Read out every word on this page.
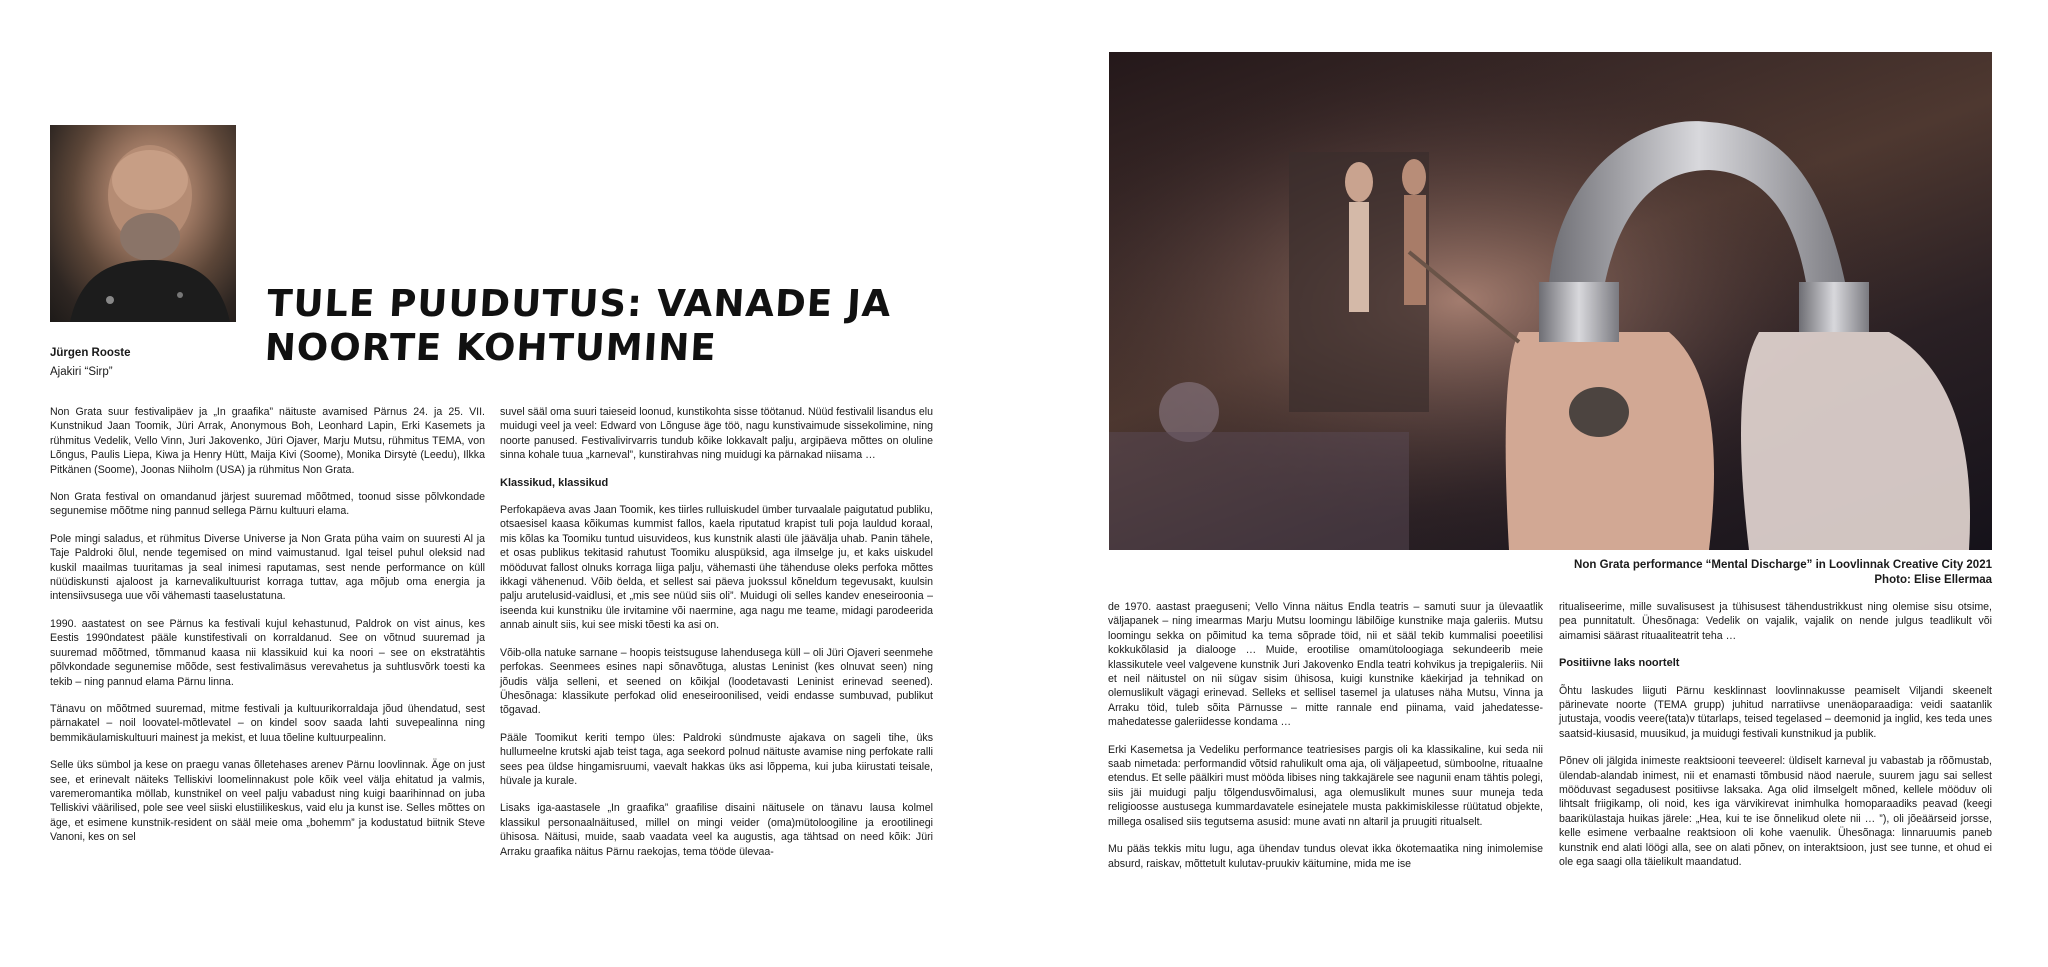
Jürgen Rooste
Ajakiri “Sirp”
TULE PUUDUTUS: VANADE JA NOORTE KOHTUMINE

Non Grata suur festivalipäev ja „In graafika” näituste avamised Pärnus 24. ja 25. VII. Kunstnikud Jaan Toomik, Jüri Arrak, Anonymous Boh, Leonhard Lapin, Erki Kasemets ja rühmitus Vedelik, Vello Vinn, Juri Jakovenko, Jüri Ojaver, Marju Mutsu, rühmitus TEMA, von Lõngus, Paulis Liepa, Kiwa ja Henry Hütt, Maija Kivi (Soome), Monika Dirsytė (Leedu), Ilkka Pitkänen (Soome), Joonas Niiholm (USA) ja rühmitus Non Grata.

Non Grata festival on omandanud järjest suuremad mõõtmed, toonud sisse põlvkondade segunemise mõõtme ning pannud sellega Pärnu kultuuri elama.

Pole mingi saladus, et rühmitus Diverse Universe ja Non Grata püha vaim on suuresti Al ja Taje Paldroki õlul, nende tegemised on mind vaimustanud. Igal teisel puhul oleksid nad kuskil maailmas tuuritamas ja seal inimesi raputamas, sest nende performance on küll nüüdiskunsti ajaloost ja karnevalikultuurist korraga tuttav, aga mõjub oma energia ja intensiivsusega uue või vähemasti taaselustatuna.

1990. aastatest on see Pärnus ka festivali kujul kehastunud, Paldrok on vist ainus, kes Eestis 1990ndatest pääle kunstifestivali on korraldanud. See on võtnud suuremad ja suuremad mõõtmed, tõmmanud kaasa nii klassikuid kui ka noori – see on ekstratähtis põlvkondade segunemise mõõde, sest festivalimäsus verevahetus ja suhtlusvõrk toesti ka tekib – ning pannud elama Pärnu linna.

Tänavu on mõõtmed suuremad, mitme festivali ja kultuurikorraldaja jõud ühendatud, sest pärnakatel – noil loovatel-mõtlevatel – on kindel soov saada lahti suvepealinna ning bemmikäulamiskultuuri mainest ja mekist, et luua tõeline kultuurpealinn.

Selle üks sümbol ja kese on praegu vanas õlletehases arenev Pärnu loovlinnak. Äge on just see, et erinevalt näiteks Telliskivi loomelinnakust pole kõik veel välja ehitatud ja valmis, varemeromantika möllab, kunstnikel on veel palju vabadust ning kuigi baarihinnad on juba Telliskivi väärilised, pole see veel siiski elustiilikeskus, vaid elu ja kunst ise. Selles mõttes on äge, et esimene kunstnik-resident on sääl meie oma „bohemm” ja kodustatud biitnik Steve Vanoni, kes on sel

suvel sääl oma suuri taieseid loonud, kunstikohta sisse töötanud. Nüüd festivalil lisandus elu muidugi veel ja veel: Edward von Lõnguse äge töö, nagu kunstivaimude sissekolimine, ning noorte panused. Festivalivirvarris tundub kõike lokkavalt palju, argipäeva mõttes on oluline sinna kohale tuua „karneval”, kunstirahvas ning muidugi ka pärnakad niisama …

Klassikud, klassikud

Perfokapäeva avas Jaan Toomik, kes tiirles rulluiskudel ümber turvaalale paigutatud publiku, otsaesisel kaasa kõikumas kummist fallos, kaela riputatud krapist tuli poja lauldud koraal, mis kõlas ka Toomiku tuntud uisuvideos, kus kunstnik alasti üle jäävälja uhab. Panin tähele, et osas publikus tekitasid rahutust Toomiku aluspüksid, aga ilmselge ju, et kaks uiskudel mööduvat fallost olnuks korraga liiga palju, vähemasti ühe tähenduse oleks perfoka mõttes ikkagi vähenenud. Võib öelda, et sellest sai päeva juokssul kõneldum tegevusakt, kuulsin palju arutelusid-vaidlusi, et „mis see nüüd siis oli”. Muidugi oli selles kandev eneseiroonia – iseenda kui kunstniku üle irvitamine või naermine, aga nagu me teame, midagi parodeerida annab ainult siis, kui see miski tõesti ka asi on.

Võib-olla natuke sarnane – hoopis teistsuguse lahendusega küll – oli Jüri Ojaveri seenmehe perfokas. Seenmees esines napi sõnavõtuga, alustas Leninist (kes olnuvat seen) ning jõudis välja selleni, et seened on kõikjal (loodetavasti Leninist erinevad seened). Ühesõnaga: klassikute perfokad olid eneseiroonilised, veidi endasse sumbuvad, publikut tõgavad.

Pääle Toomikut keriti tempo üles: Paldroki sündmuste ajakava on sageli tihe, üks hullumeelne krutski ajab teist taga, aga seekord polnud näituste avamise ning perfokate ralli sees pea üldse hingamisruumi, vaevalt hakkas üks asi lõppema, kui juba kiirustati teisale, hüvale ja kurale.

Lisaks iga-aastasele „In graafika” graafilise disaini näitusele on tänavu lausa kolmel klassikul personaalnäitused, millel on mingi veider (oma)mütoloogiline ja erootilinegi ühisosa. Näitusi, muide, saab vaadata veel ka augustis, aga tähtsad on need kõik: Jüri Arraku graafika näitus Pärnu raekojas, tema tööde ülevaa-

Non Grata performance “Mental Discharge” in Loovlinnak Creative City 2021
Photo: Elise Ellermaa

de 1970. aastast praeguseni; Vello Vinna näitus Endla teatris – samuti suur ja ülevaatlik väljapanek – ning imearmas Marju Mutsu loomingu läbilõige kunstnike maja galeriis. Mutsu loomingu sekka on põimitud ka tema sõprade töid, nii et sääl tekib kummalisi poeetilisi kokkukõlasid ja dialooge … Muide, erootilise omamütoloogiaga sekundeerib meie klassikutele veel valgevene kunstnik Juri Jakovenko Endla teatri kohvikus ja trepigaleriis. Nii et neil näitustel on nii sügav sisim ühisosa, kuigi kunstnike käekirjad ja tehnikad on olemuslikult vägagi erinevad. Selleks et sellisel tasemel ja ulatuses näha Mutsu, Vinna ja Arraku töid, tuleb sõita Pärnusse – mitte rannale end piinama, vaid jahedatesse-mahedatesse galeriidesse kondama …

Erki Kasemetsa ja Vedeliku performance teatriesises pargis oli ka klassikaline, kui seda nii saab nimetada: performandid võtsid rahulikult oma aja, oli väljapeetud, sümboolne, rituaalne etendus. Et selle päälkiri must mööda libises ning takkajärele see nagunii enam tähtis polegi, siis jäi muidugi palju tõlgendusvõimalusi, aga olemuslikult munes suur muneja teda religioosse austusega kummardavatele esinejatele musta pakkimiskilesse rüütatud objekte, millega osalised siis tegutsema asusid: mune avati nn altaril ja pruugiti ritualselt.

Mu pääs tekkis mitu lugu, aga ühendav tundus olevat ikka ökotemaatika ning inimolemise absurd, raiskav, mõttetult kulutav-pruukiv käitumine, mida me ise

ritualiseerime, mille suvalisusest ja tühisusest tähendustrikkust ning olemise sisu otsime, pea punnitatult. Ühesõnaga: Vedelik on vajalik, vajalik on nende julgus teadlikult või aimamisi säärast rituaaliteatrit teha …

Positiivne laks noortelt

Õhtu laskudes liiguti Pärnu kesklinnast loovlinnakusse peamiselt Viljandi skeenelt pärinevate noorte (TEMA grupp) juhitud narratiivse unenäoparaadiga: veidi saatanlik jutustaja, voodis veere(tata)v tütarlaps, teised tegelased – deemonid ja inglid, kes teda unes saatsid-kiusasid, muusikud, ja muidugi festivali kunstnikud ja publik.

Põnev oli jälgida inimeste reaktsiooni teeveerel: üldiselt karneval ju vabastab ja rõõmustab, ülendab-alandab inimest, nii et enamasti tõmbusid näod naerule, suurem jagu sai sellest mööduvast segadusest positiivse laksaka. Aga olid ilmselgelt mõned, kellele mööduv oli lihtsalt friigikamp, oli noid, kes iga värvikirevat inimhulka homoparaadiks peavad (keegi baarikülastaja huikas järele: „Hea, kui te ise õnnelikud olete nii … ”), oli jõeäärseid jorsse, kelle esimene verbaalne reaktsioon oli kohe vaenulik. Ühesõnaga: linnaruumis paneb kunstnik end alati löögi alla, see on alati põnev, on interaktsioon, just see tunne, et ohud ei ole ega saagi olla täielikult maandatud.
